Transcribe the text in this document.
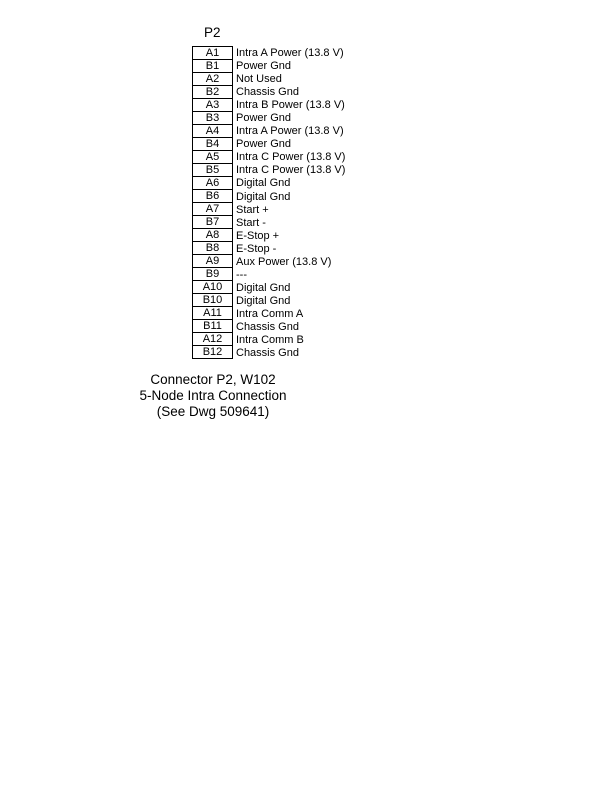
P2
A1
B1
A2
B2
A3
B3
A4
B4
A5
B5
A6
B6
A7
B7
A8
B8
A9
B9
A10
B10
A11
B11
A12
B12
Intra A Power (13.8 V)
Power Gnd
Not Used
Chassis Gnd
Intra B Power (13.8 V)
Power Gnd
Intra A Power (13.8 V)
Power Gnd
Intra C Power (13.8 V)
Intra C Power (13.8 V)
Digital Gnd
Digital Gnd
Start +
Start -
E-Stop +
E-Stop -
Aux Power (13.8 V)
---
Digital Gnd
Digital Gnd
Intra Comm A
Chassis Gnd
Intra Comm B
Chassis Gnd
Connector P2, W102
5-Node Intra Connection
(See Dwg 509641)
